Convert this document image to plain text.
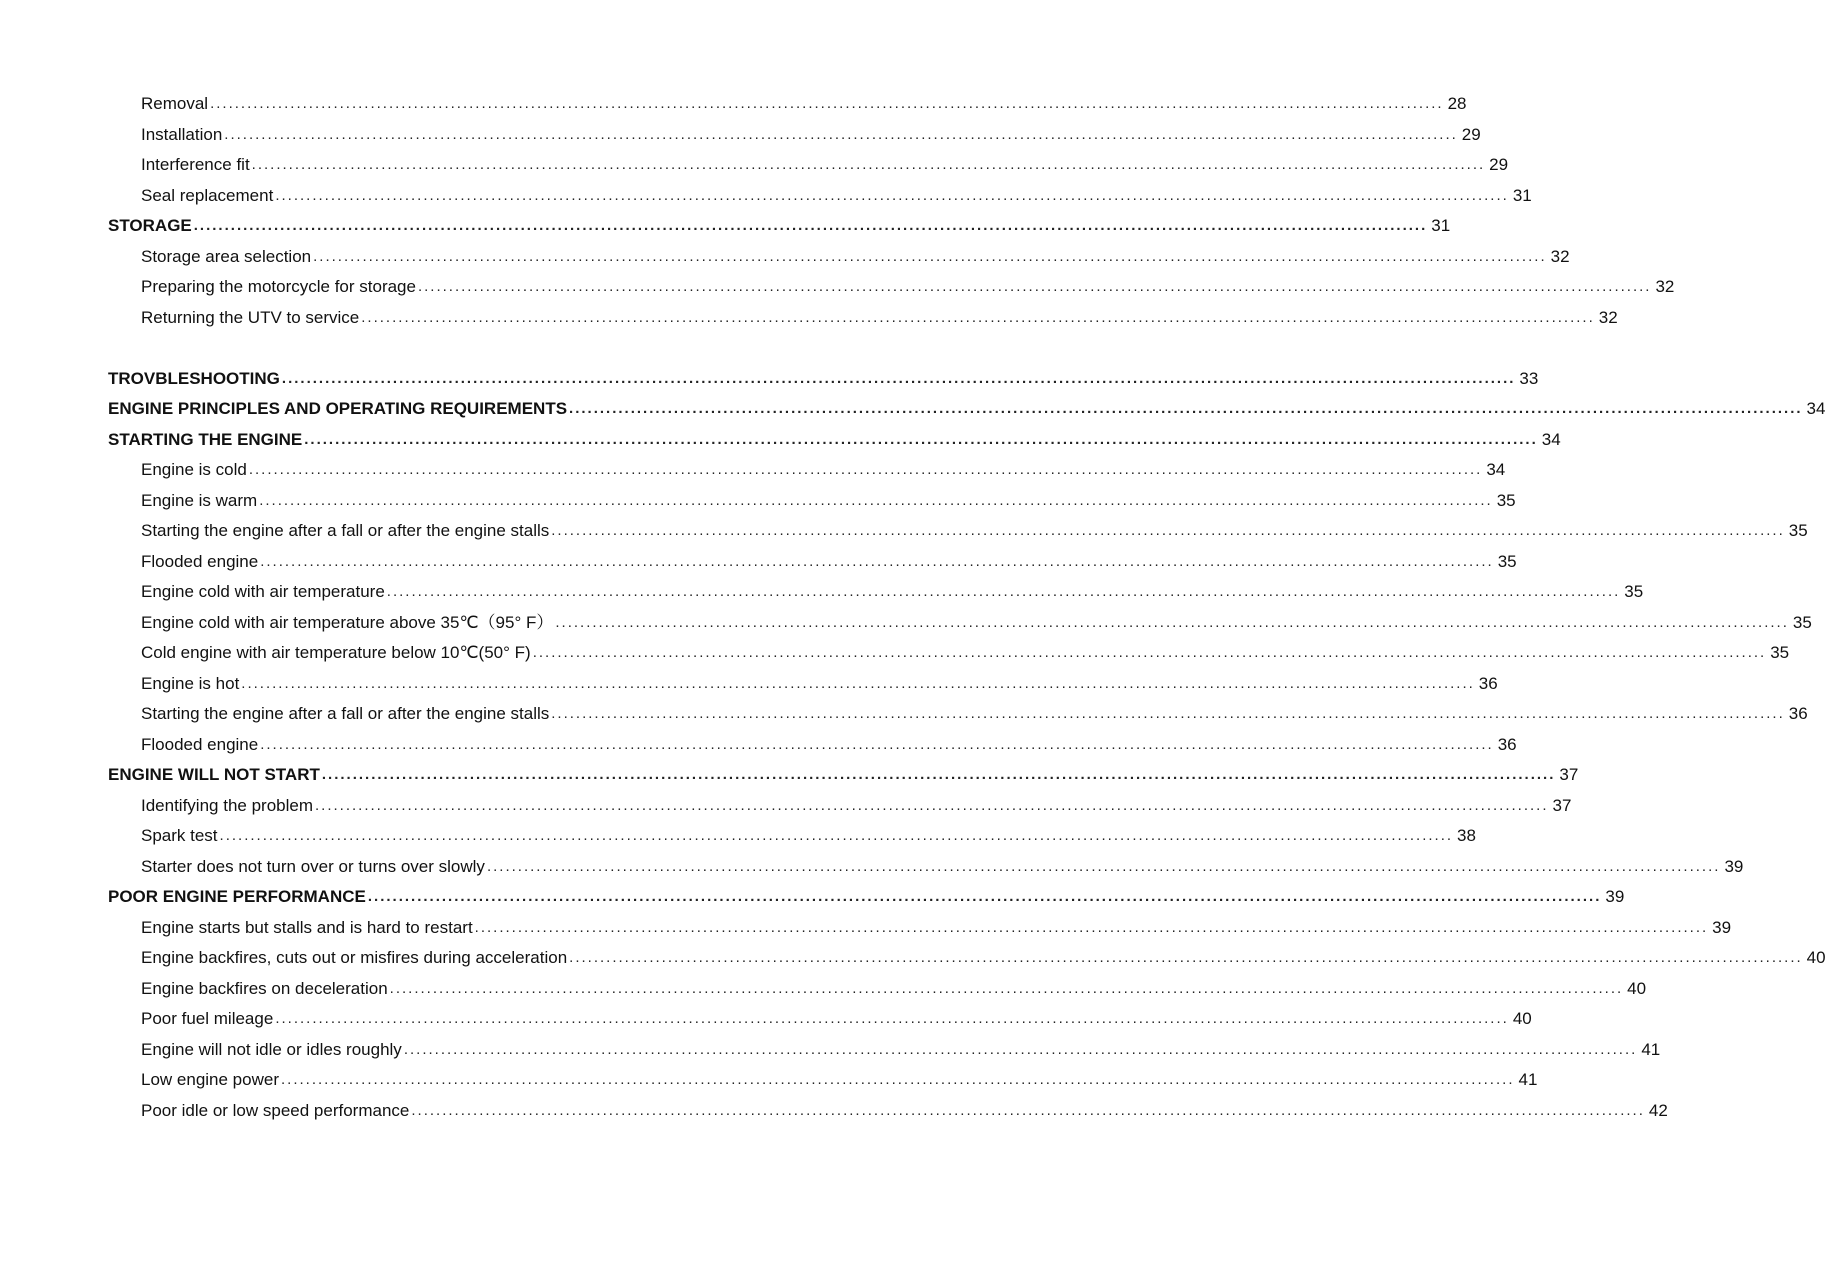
Removal ........................................................................................................................................................................................................ 28
Installation ........................................................................................................................................................................................................ 29
Interference fit ........................................................................................................................................................................................................ 29
Seal replacement ........................................................................................................................................................................................................ 31
STORAGE ........................................................................................................................................................................................................ 31
Storage area selection ........................................................................................................................................................................................................ 32
Preparing the motorcycle for storage ........................................................................................................................................................................................................ 32
Returning the UTV to service ........................................................................................................................................................................................................ 32
TROVBLESHOOTING ........................................................................................................................................................................................................ 33
ENGINE PRINCIPLES AND OPERATING REQUIREMENTS ........................................................................................................................................................................................................ 34
STARTING THE ENGINE ........................................................................................................................................................................................................ 34
Engine is cold ........................................................................................................................................................................................................ 34
Engine is warm ........................................................................................................................................................................................................ 35
Starting the engine after a fall or after the engine stalls ........................................................................................................................................................................................................ 35
Flooded engine ........................................................................................................................................................................................................ 35
Engine cold with air temperature ........................................................................................................................................................................................................ 35
Engine cold with air temperature above 35℃（95° F） ........................................................................................................................................................................................................ 35
Cold engine with air temperature below 10℃(50° F) ........................................................................................................................................................................................................ 35
Engine is hot ........................................................................................................................................................................................................ 36
Starting the engine after a fall or after the engine stalls ........................................................................................................................................................................................................ 36
Flooded engine ........................................................................................................................................................................................................ 36
ENGINE WILL NOT START ........................................................................................................................................................................................................ 37
Identifying the problem ........................................................................................................................................................................................................ 37
Spark test ........................................................................................................................................................................................................ 38
Starter does not turn over or turns over slowly ........................................................................................................................................................................................................ 39
POOR ENGINE PERFORMANCE ........................................................................................................................................................................................................ 39
Engine starts but stalls and is hard to restart ........................................................................................................................................................................................................ 39
Engine backfires, cuts out or misfires during acceleration ........................................................................................................................................................................................................ 40
Engine backfires on deceleration ........................................................................................................................................................................................................ 40
Poor fuel mileage ........................................................................................................................................................................................................ 40
Engine will not idle or idles roughly ........................................................................................................................................................................................................ 41
Low engine power ........................................................................................................................................................................................................ 41
Poor idle or low speed performance ........................................................................................................................................................................................................ 42
